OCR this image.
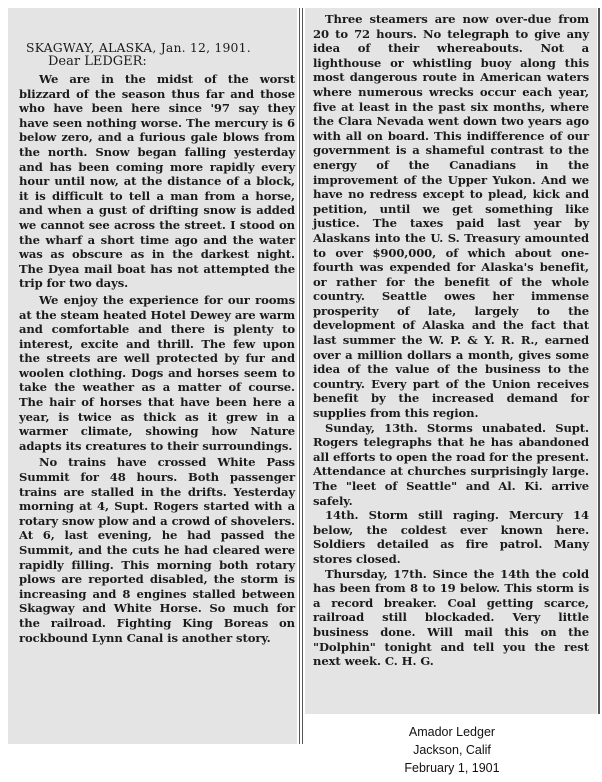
SKAGWAY, ALASKA, Jan. 12, 1901.
Dear LEDGER:

We are in the midst of the worst blizzard of the season thus far and those who have been here since '97 say they have seen nothing worse. The mercury is 6 below zero, and a furious gale blows from the north. Snow began falling yesterday and has been coming more rapidly every hour until now, at the distance of a block, it is difficult to tell a man from a horse, and when a gust of drifting snow is added we cannot see across the street. I stood on the wharf a short time ago and the water was as obscure as in the darkest night. The Dyea mail boat has not attempted the trip for two days.

We enjoy the experience for our rooms at the steam heated Hotel Dewey are warm and comfortable and there is plenty to interest, excite and thrill. The few upon the streets are well protected by fur and woolen clothing. Dogs and horses seem to take the weather as a matter of course. The hair of horses that have been here a year, is twice as thick as it grew in a warmer climate, showing how Nature adapts its creatures to their surroundings.

No trains have crossed White Pass Summit for 48 hours. Both passenger trains are stalled in the drifts. Yesterday morning at 4, Supt. Rogers started with a rotary snow plow and a crowd of shovelers. At 6, last evening, he had passed the Summit, and the cuts he had cleared were rapidly filling. This morning both rotary plows are reported disabled, the storm is increasing and 8 engines stalled between Skagway and White Horse. So much for the railroad. Fighting King Boreas on rockbound Lynn Canal is another story.

Three steamers are now over-due from 20 to 72 hours. No telegraph to give any idea of their whereabouts. Not a lighthouse or whistling buoy along this most dangerous route in American waters where numerous wrecks occur each year, five at least in the past six months, where the Clara Nevada went down two years ago with all on board. This indifference of our government is a shameful contrast to the energy of the Canadians in the improvement of the Upper Yukon. And we have no redress except to plead, kick and petition, until we get something like justice. The taxes paid last year by Alaskans into the U. S. Treasury amounted to over $900,000, of which about one-fourth was expended for Alaska's benefit, or rather for the benefit of the whole country. Seattle owes her immense prosperity of late, largely to the development of Alaska and the fact that last summer the W. P. & Y. R. R., earned over a million dollars a month, gives some idea of the value of the business to the country. Every part of the Union receives benefit by the increased demand for supplies from this region.

Sunday, 13th. Storms unabated. Supt. Rogers telegraphs that he has abandoned all efforts to open the road for the present. Attendance at churches surprisingly large. The "leet of Seattle" and Al. Ki. arrive safely.

14th. Storm still raging. Mercury 14 below, the coldest ever known here. Soldiers detailed as fire patrol. Many stores closed.

Thursday, 17th. Since the 14th the cold has been from 8 to 19 below. This storm is a record breaker. Coal getting scarce, railroad still blockaded. Very little business done. Will mail this on the "Dolphin" tonight and tell you the rest next week. C. H. G.

Amador Ledger
Jackson, Calif
February 1, 1901
